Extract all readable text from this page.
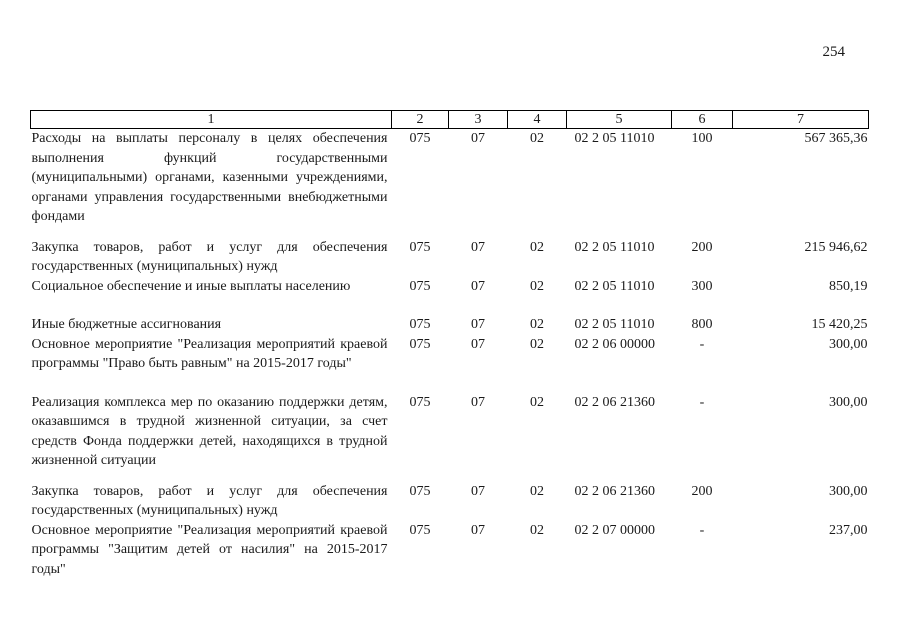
254
1	2	3	4	5	6	7
Расходы на выплаты персоналу в целях обеспечения выполнения функций государственными (муниципальными) органами, казенными учреждениями, органами управления государственными внебюджетными фондами	075	07	02	02 2 05 11010	100	567 365,36
Закупка товаров, работ и услуг для обеспечения государственных (муниципальных) нужд	075	07	02	02 2 05 11010	200	215 946,62
Социальное обеспечение и иные выплаты населению	075	07	02	02 2 05 11010	300	850,19
Иные бюджетные ассигнования	075	07	02	02 2 05 11010	800	15 420,25
Основное мероприятие "Реализация мероприятий краевой программы "Право быть равным" на 2015-2017 годы"	075	07	02	02 2 06 00000	-	300,00
Реализация комплекса мер по оказанию поддержки детям, оказавшимся в трудной жизненной ситуации, за счет средств Фонда поддержки детей, находящихся в трудной жизненной ситуации	075	07	02	02 2 06 21360	-	300,00
Закупка товаров, работ и услуг для обеспечения государственных (муниципальных) нужд	075	07	02	02 2 06 21360	200	300,00
Основное мероприятие "Реализация мероприятий краевой программы "Защитим детей от насилия" на 2015-2017 годы"	075	07	02	02 2 07 00000	-	237,00
